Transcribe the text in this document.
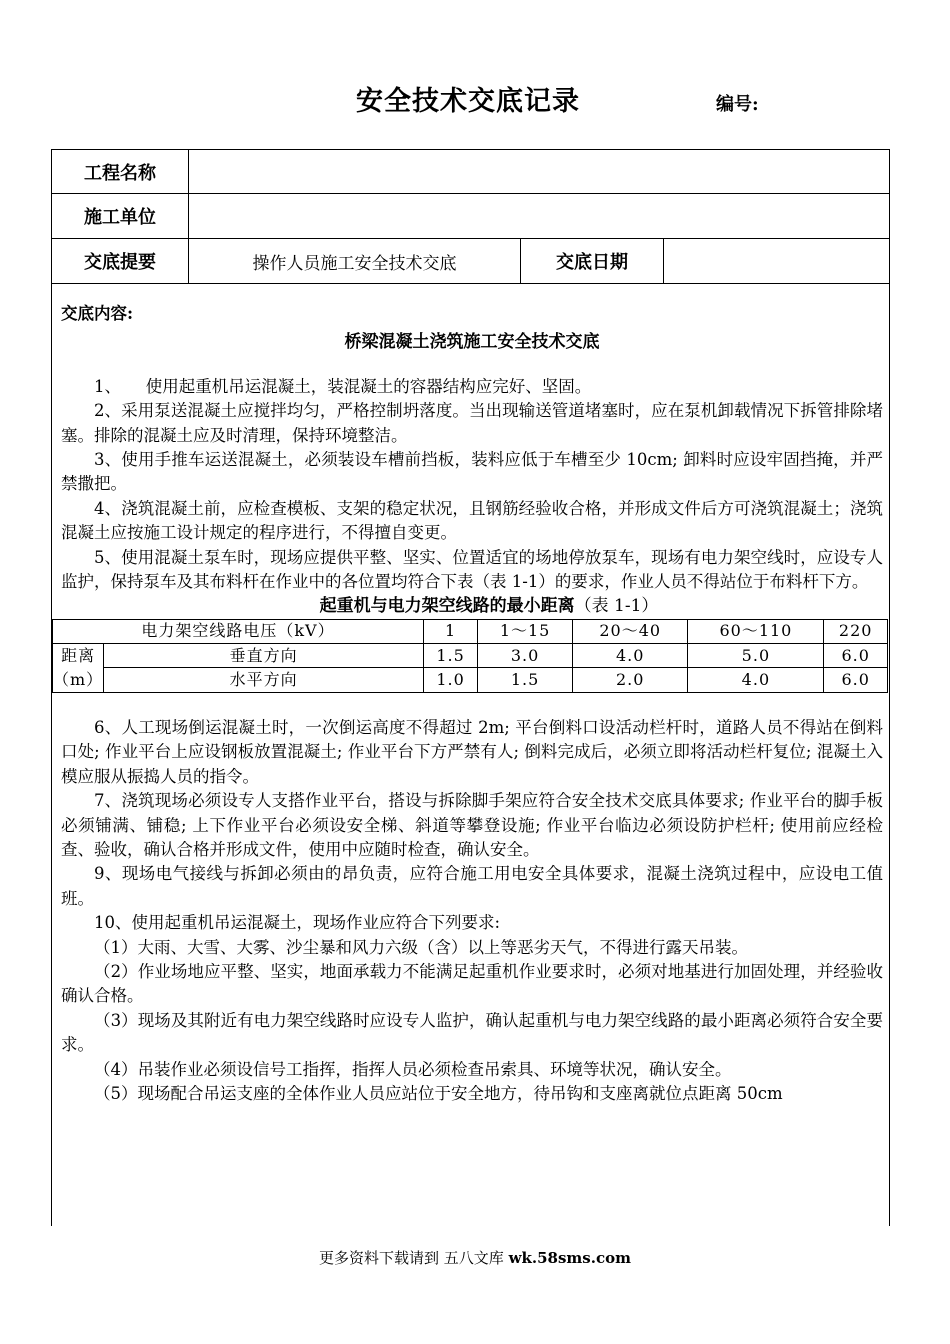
安全技术交底记录	编号:
工程名称
施工单位
交底提要	操作人员施工安全技术交底	交底日期

交底内容:

桥梁混凝土浇筑施工安全技术交底

1、　　使用起重机吊运混凝土，装混凝土的容器结构应完好、坚固。

2、采用泵送混凝土应搅拌均匀，严格控制坍落度。当出现输送管道堵塞时，应在泵机卸载情况下拆管排除堵塞。排除的混凝土应及时清理，保持环境整洁。

3、使用手推车运送混凝土，必须装设车槽前挡板，装料应低于车槽至少 10cm; 卸料时应设牢固挡掩，并严禁撒把。

4、浇筑混凝土前，应检查模板、支架的稳定状况，且钢筋经验收合格，并形成文件后方可浇筑混凝土；浇筑混凝土应按施工设计规定的程序进行，不得擅自变更。

5、使用混凝土泵车时，现场应提供平整、坚实、位置适宜的场地停放泵车，现场有电力架空线时，应设专人监护，保持泵车及其布料杆在作业中的各位置均符合下表（表 1-1）的要求，作业人员不得站位于布料杆下方。

起重机与电力架空线路的最小距离（表 1-1）

电力架空线路电压（kV）		1	1～15	20～40	60～110	220
距离
（m）	垂直方向	1.5	3.0	4.0	5.0	6.0
	水平方向	1.0	1.5	2.0	4.0	6.0

6、人工现场倒运混凝土时，一次倒运高度不得超过 2m; 平台倒料口设活动栏杆时，道路人员不得站在倒料口处; 作业平台上应设钢板放置混凝土; 作业平台下方严禁有人; 倒料完成后，必须立即将活动栏杆复位; 混凝土入模应服从振捣人员的指令。

7、浇筑现场必须设专人支搭作业平台，搭设与拆除脚手架应符合安全技术交底具体要求; 作业平台的脚手板必须铺满、铺稳; 上下作业平台必须设安全梯、斜道等攀登设施; 作业平台临边必须设防护栏杆; 使用前应经检查、验收，确认合格并形成文件，使用中应随时检查，确认安全。

9、现场电气接线与拆卸必须由的昂负责，应符合施工用电安全具体要求，混凝土浇筑过程中，应设电工值班。

10、使用起重机吊运混凝土，现场作业应符合下列要求:

（1）大雨、大雪、大雾、沙尘暴和风力六级（含）以上等恶劣天气，不得进行露天吊装。

（2）作业场地应平整、坚实，地面承载力不能满足起重机作业要求时，必须对地基进行加固处理，并经验收确认合格。

（3）现场及其附近有电力架空线路时应设专人监护，确认起重机与电力架空线路的最小距离必须符合安全要求。

（4）吊装作业必须设信号工指挥，指挥人员必须检查吊索具、环境等状况，确认安全。

（5）现场配合吊运支座的全体作业人员应站位于安全地方，待吊钩和支座离就位点距离 50cm

更多资料下载请到 五八文库 wk.58sms.com
